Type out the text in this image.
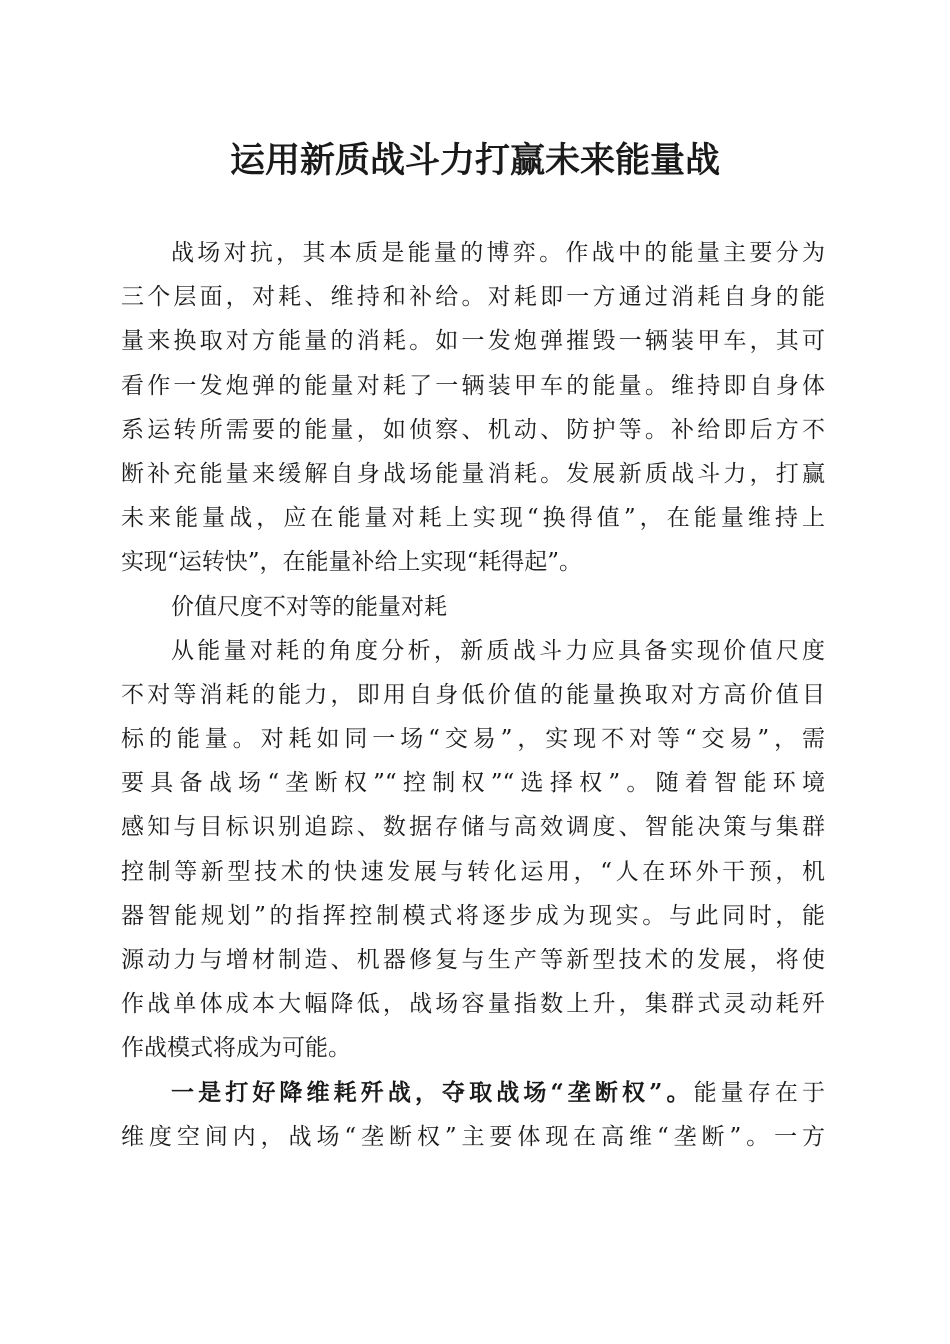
运用新质战斗力打赢未来能量战
战场对抗，其本质是能量的博弈。作战中的能量主要分为
三个层面，对耗、维持和补给。对耗即一方通过消耗自身的能
量来换取对方能量的消耗。如一发炮弹摧毁一辆装甲车，其可
看作一发炮弹的能量对耗了一辆装甲车的能量。维持即自身体
系运转所需要的能量，如侦察、机动、防护等。补给即后方不
断补充能量来缓解自身战场能量消耗。发展新质战斗力，打赢
未来能量战，应在能量对耗上实现“换得值”，在能量维持上
实现“运转快”，在能量补给上实现“耗得起”。
价值尺度不对等的能量对耗
从能量对耗的角度分析，新质战斗力应具备实现价值尺度
不对等消耗的能力，即用自身低价值的能量换取对方高价值目
标的能量。对耗如同一场“交易”，实现不对等“交易”，需
要具备战场“垄断权”“控制权”“选择权”。随着智能环境
感知与目标识别追踪、数据存储与高效调度、智能决策与集群
控制等新型技术的快速发展与转化运用，“人在环外干预，机
器智能规划”的指挥控制模式将逐步成为现实。与此同时，能
源动力与增材制造、机器修复与生产等新型技术的发展，将使
作战单体成本大幅降低，战场容量指数上升，集群式灵动耗歼
作战模式将成为可能。
一是打好降维耗歼战，夺取战场“垄断权”。能量存在于
维度空间内，战场“垄断权”主要体现在高维“垄断”。一方
